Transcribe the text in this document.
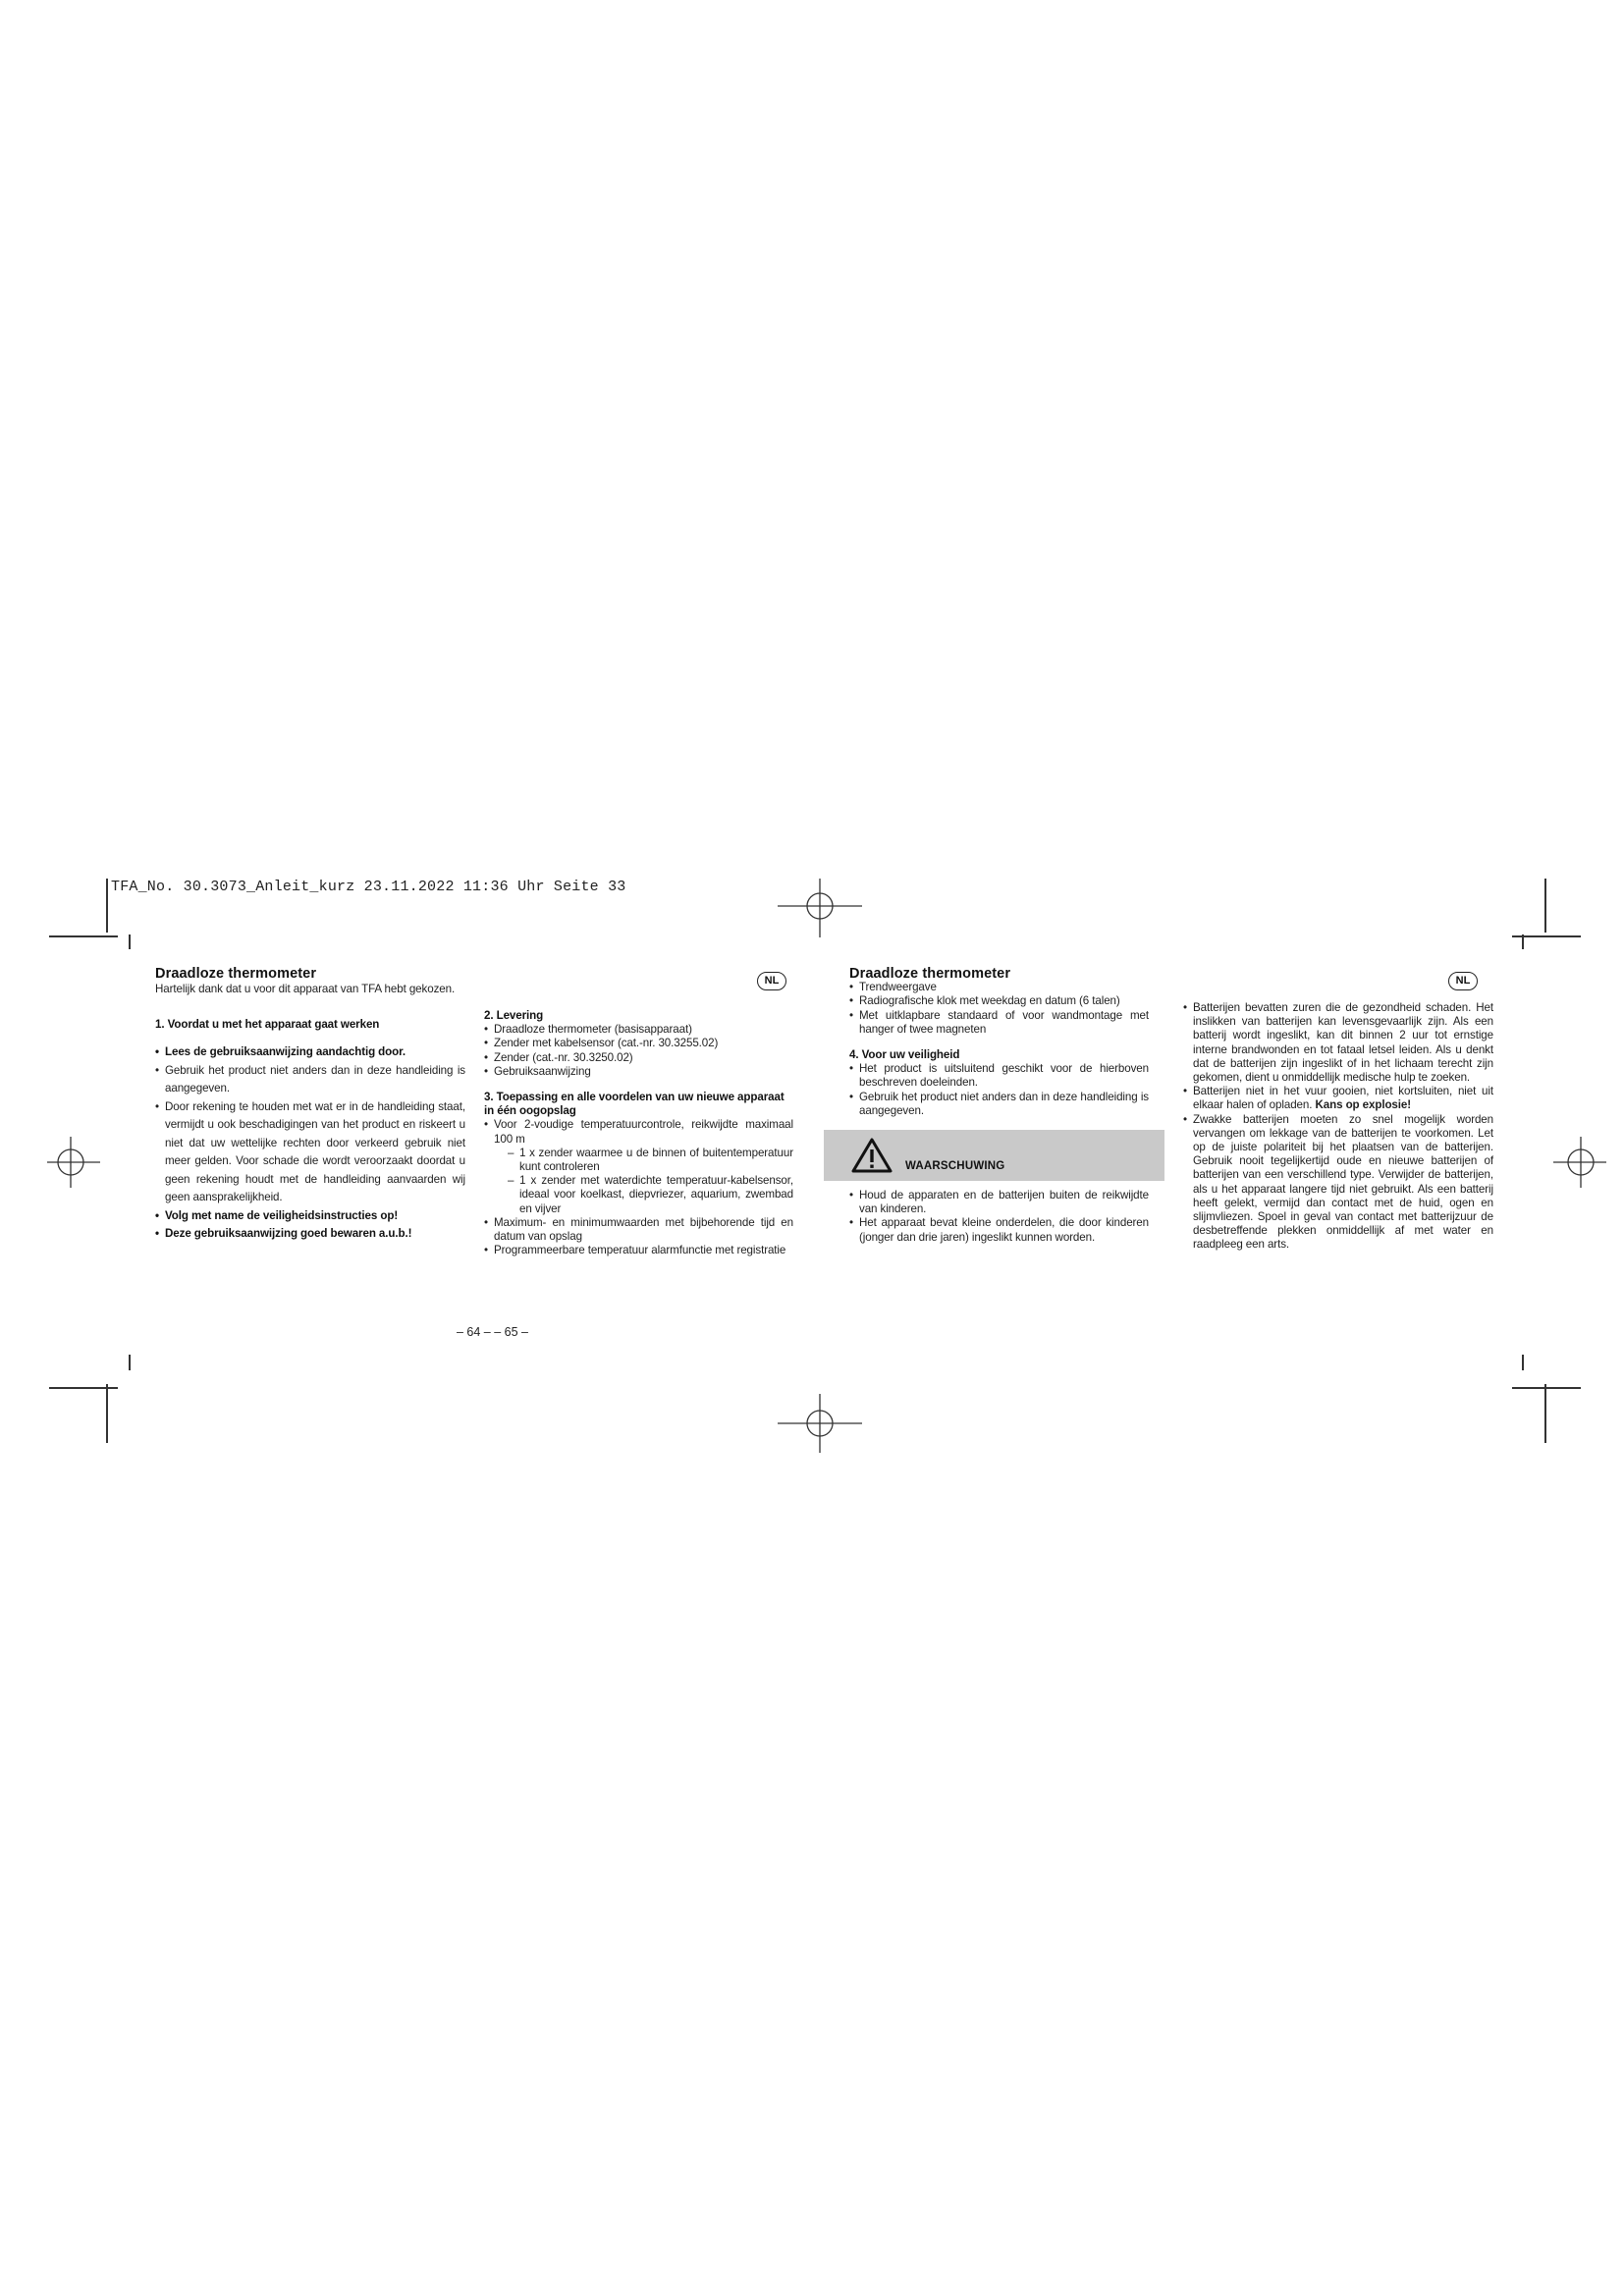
TFA_No. 30.3073_Anleit_kurz 23.11.2022 11:36 Uhr Seite 33

Draadloze thermometer

Hartelijk dank dat u voor dit apparaat van TFA hebt gekozen.

1. Voordat u met het apparaat gaat werken

• Lees de gebruiksaanwijzing aandachtig door.
• Gebruik het product niet anders dan in deze handleiding is aangegeven.
• Door rekening te houden met wat er in de handleiding staat, vermijdt u ook beschadigingen van het product en riskeert u niet dat uw wettelijke rechten door verkeerd gebruik niet meer gelden. Voor schade die wordt veroorzaakt doordat u geen rekening houdt met de handleiding aanvaarden wij geen aansprakelijkheid.
• Volg met name de veiligheidsinstructies op!
• Deze gebruiksaanwijzing goed bewaren a.u.b.!

2. Levering

• Draadloze thermometer (basisapparaat)
• Zender met kabelsensor (cat.-nr. 30.3255.02)
• Zender (cat.-nr. 30.3250.02)
• Gebruiksaanwijzing

3. Toepassing en alle voordelen van uw nieuwe apparaat in één oogopslag

• Voor 2-voudige temperatuurcontrole, reikwijdte maximaal 100 m
– 1 x zender waarmee u de binnen of buitentemperatuur kunt controleren
– 1 x zender met waterdichte temperatuur-kabelsensor, ideaal voor koelkast, diepvriezer, aquarium, zwembad en vijver
• Maximum- en minimumwaarden met bijbehorende tijd en datum van opslag
• Programmeerbare temperatuur alarmfunctie met registratie
NL	Draadloze thermometer

• Trendweergave
• Radiografische klok met weekdag en datum (6 talen)
• Met uitklapbare standaard of voor wandmontage met hanger of twee magneten

4. Voor uw veiligheid

• Het product is uitsluitend geschikt voor de hierboven beschreven doeleinden.
• Gebruik het product niet anders dan in deze handleiding is aangegeven.
WAARSCHUWING
• Houd de apparaten en de batterijen buiten de reikwijdte van kinderen.
• Het apparaat bevat kleine onderdelen, die door kinderen (jonger dan drie jaren) ingeslikt kunnen worden.
• Batterijen bevatten zuren die de gezondheid schaden. Het inslikken van batterijen kan levensgevaarlijk zijn. Als een batterij wordt ingeslikt, kan dit binnen 2 uur tot ernstige interne brandwonden en tot fataal letsel leiden. Als u denkt dat de batterijen zijn ingeslikt of in het lichaam terecht zijn gekomen, dient u onmiddellijk medische hulp te zoeken.
• Batterijen niet in het vuur gooien, niet kortsluiten, niet uit elkaar halen of opladen. Kans op explosie!
• Zwakke batterijen moeten zo snel mogelijk worden vervangen om lekkage van de batterijen te voorkomen. Let op de juiste polariteit bij het plaatsen van de batterijen. Gebruik nooit tegelijkertijd oude en nieuwe batterijen of batterijen van een verschillend type. Verwijder de batterijen, als u het apparaat langere tijd niet gebruikt. Als een batterij heeft gelekt, vermijd dan contact met de huid, ogen en slijmvliezen. Spoel in geval van contact met batterijzuur de desbetreffende plekken onmiddellijk af met water en raadpleeg een arts.
NL
– 64 – – 65 –
